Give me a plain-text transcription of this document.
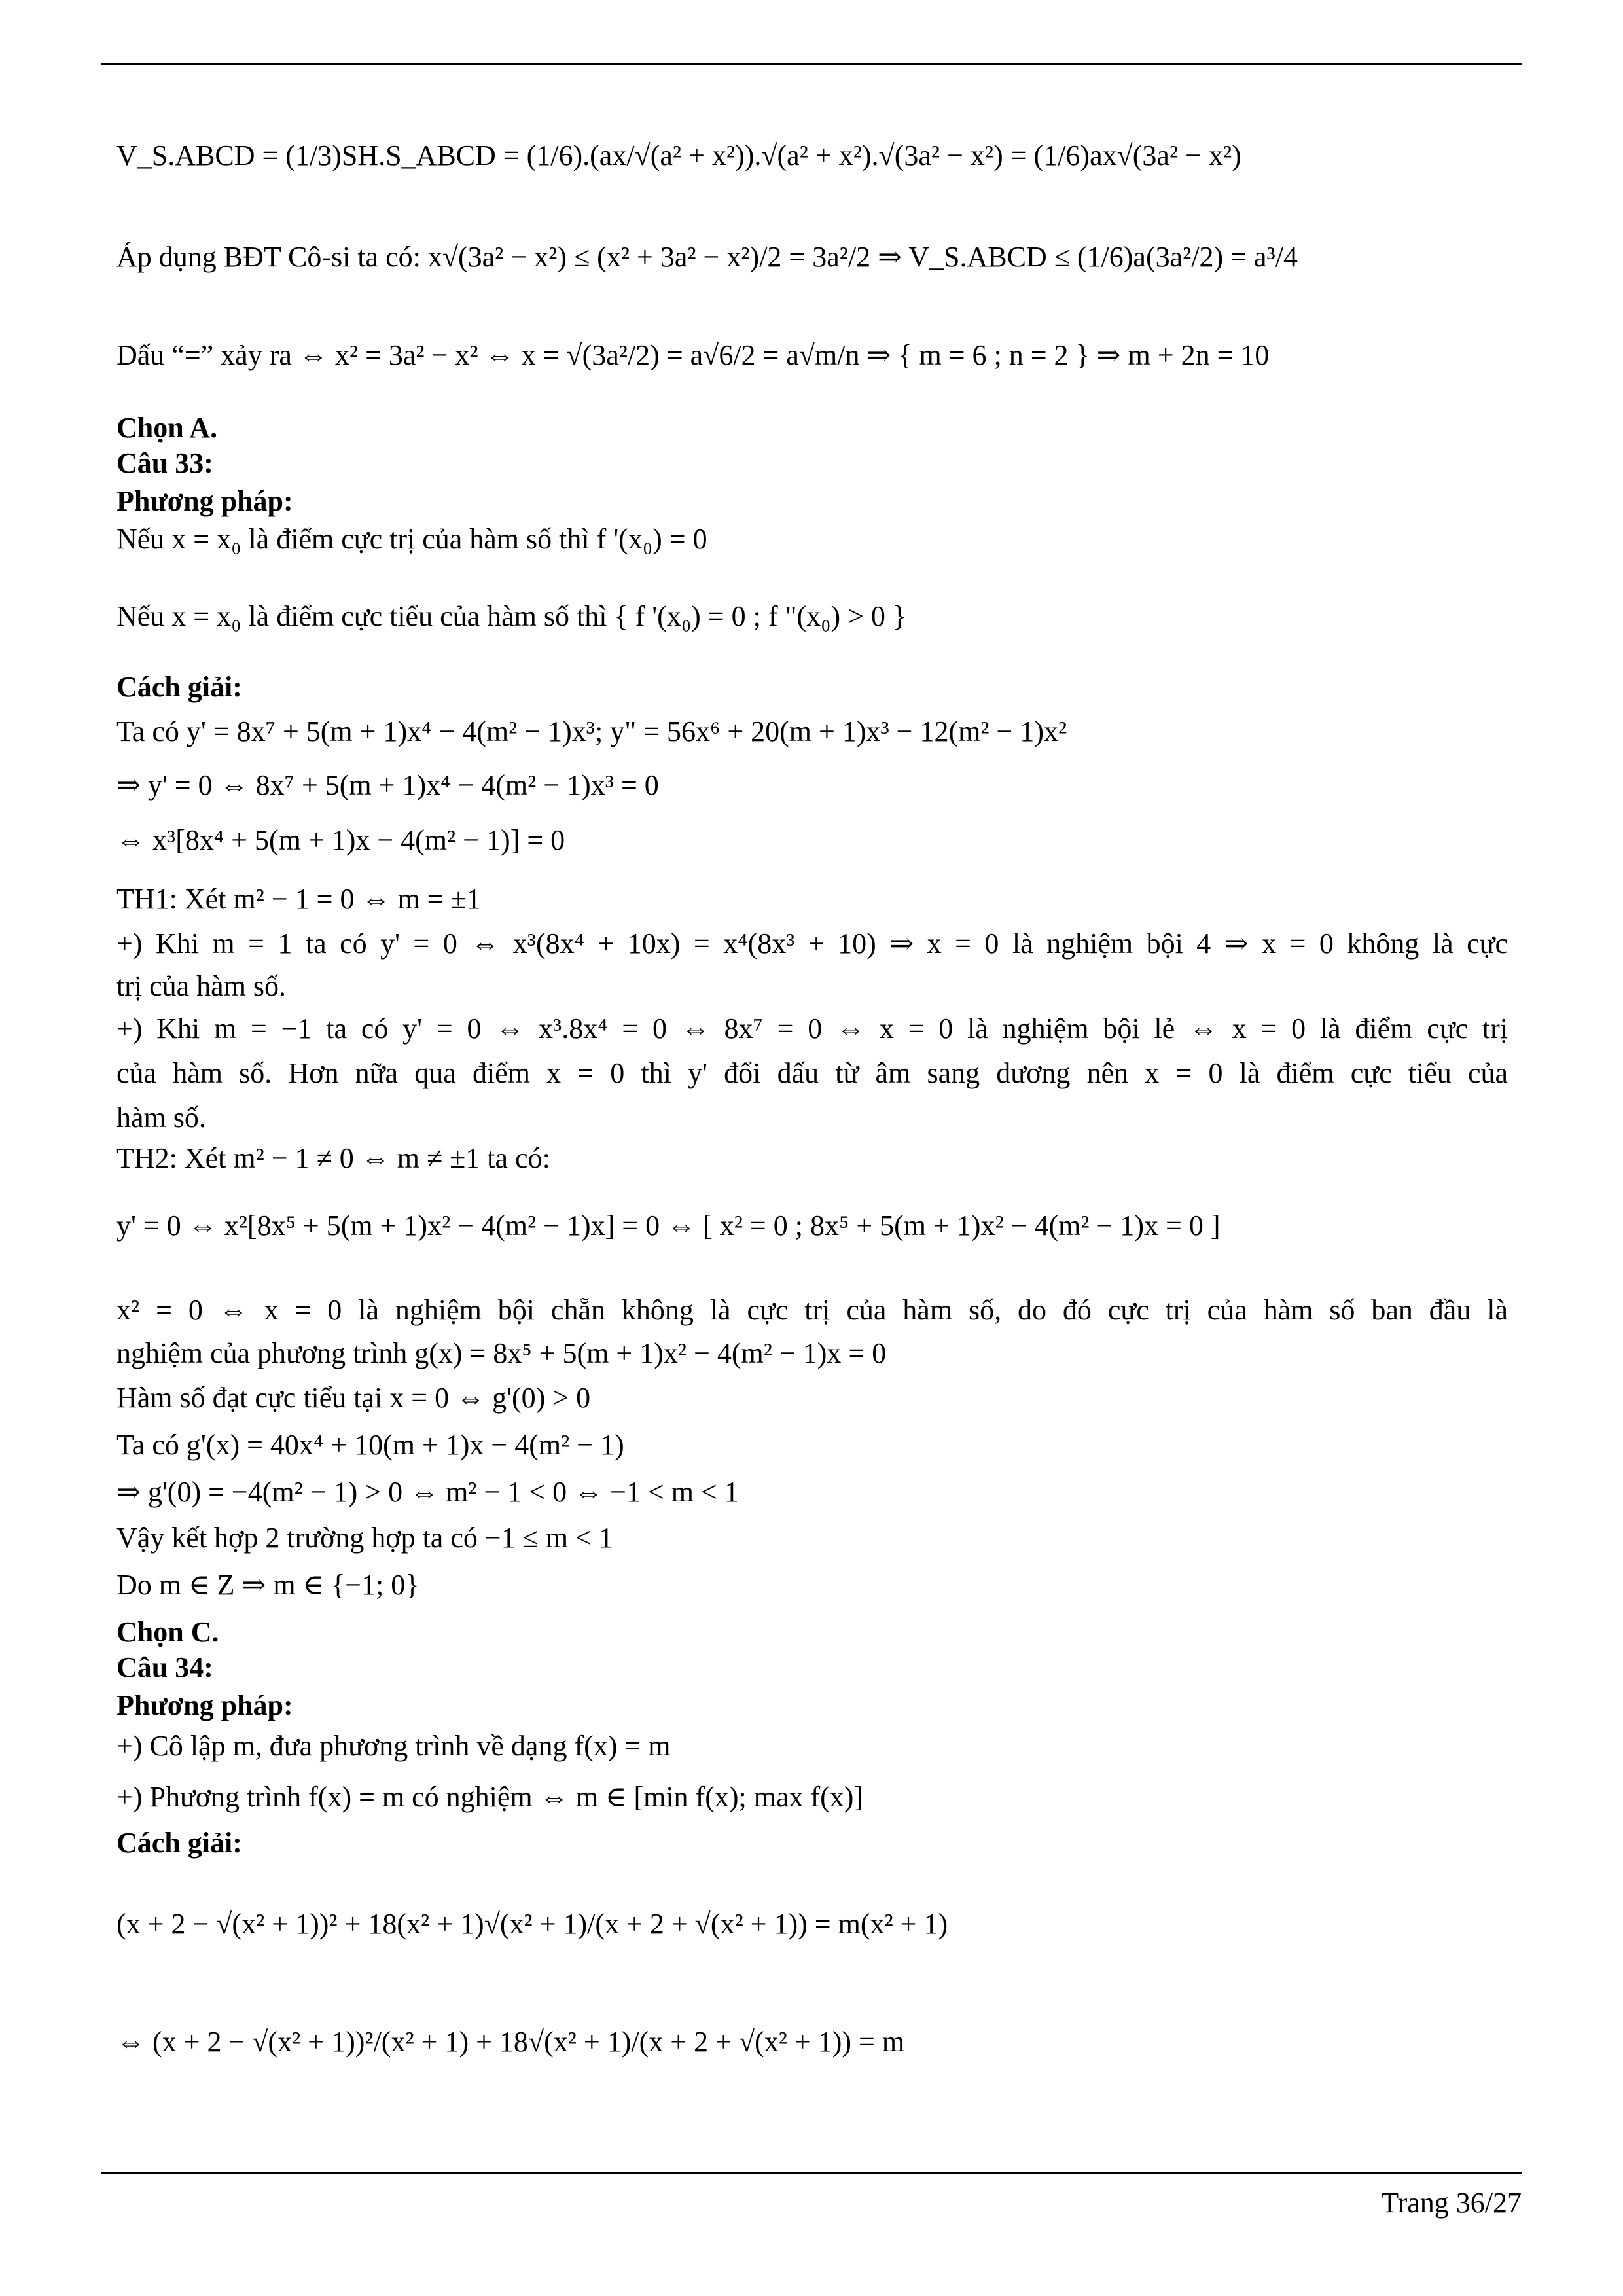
V_S.ABCD = (1/3)SH.S_ABCD = (1/6).(ax/√(a² + x²)).√(a² + x²).√(3a² − x²) = (1/6)ax√(3a² − x²)
Áp dụng BĐT Cô-si ta có: x√(3a² − x²) ≤ (x² + 3a² − x²)/2 = 3a²/2 ⇒ V_S.ABCD ≤ (1/6)a(3a²/2) = a³/4
Dấu “=” xảy ra ⇔ x² = 3a² − x² ⇔ x = √(3a²/2) = a√6/2 = a√m/n ⇒ { m = 6 ; n = 2 } ⇒ m + 2n = 10
Chọn A.
Câu 33:
Phương pháp:
Nếu x = x₀ là điểm cực trị của hàm số thì f '(x₀) = 0
Nếu x = x₀ là điểm cực tiểu của hàm số thì { f '(x₀) = 0 ; f "(x₀) > 0 }
Cách giải:
Ta có y' = 8x⁷ + 5(m + 1)x⁴ − 4(m² − 1)x³; y" = 56x⁶ + 20(m + 1)x³ − 12(m² − 1)x²
⇒ y' = 0 ⇔ 8x⁷ + 5(m + 1)x⁴ − 4(m² − 1)x³ = 0
⇔ x³[8x⁴ + 5(m + 1)x − 4(m² − 1)] = 0
TH1: Xét m² − 1 = 0 ⇔ m = ±1
+) Khi m = 1 ta có y' = 0 ⇔ x³(8x⁴ + 10x) = x⁴(8x³ + 10) ⇒ x = 0 là nghiệm bội 4 ⇒ x = 0 không là cực
trị của hàm số.
+) Khi m = −1 ta có y' = 0 ⇔ x³.8x⁴ = 0 ⇔ 8x⁷ = 0 ⇔ x = 0 là nghiệm bội lẻ ⇔ x = 0 là điểm cực trị
của hàm số. Hơn nữa qua điểm x = 0 thì y' đổi dấu từ âm sang dương nên x = 0 là điểm cực tiểu của
hàm số.
TH2: Xét m² − 1 ≠ 0 ⇔ m ≠ ±1 ta có:
y' = 0 ⇔ x²[8x⁵ + 5(m + 1)x² − 4(m² − 1)x] = 0 ⇔ [ x² = 0 ; 8x⁵ + 5(m + 1)x² − 4(m² − 1)x = 0 ]
x² = 0 ⇔ x = 0 là nghiệm bội chẵn không là cực trị của hàm số, do đó cực trị của hàm số ban đầu là
nghiệm của phương trình g(x) = 8x⁵ + 5(m + 1)x² − 4(m² − 1)x = 0
Hàm số đạt cực tiểu tại x = 0 ⇔ g'(0) > 0
Ta có g'(x) = 40x⁴ + 10(m + 1)x − 4(m² − 1)
⇒ g'(0) = −4(m² − 1) > 0 ⇔ m² − 1 < 0 ⇔ −1 < m < 1
Vậy kết hợp 2 trường hợp ta có −1 ≤ m < 1
Do m ∈ Z ⇒ m ∈ {−1; 0}
Chọn C.
Câu 34:
Phương pháp:
+) Cô lập m, đưa phương trình về dạng f(x) = m
+) Phương trình f(x) = m có nghiệm ⇔ m ∈ [min f(x); max f(x)]
Cách giải:
(x + 2 − √(x² + 1))² + 18(x² + 1)√(x² + 1)/(x + 2 + √(x² + 1)) = m(x² + 1)
⇔ (x + 2 − √(x² + 1))²/(x² + 1) + 18√(x² + 1)/(x + 2 + √(x² + 1)) = m
Trang 36/27
